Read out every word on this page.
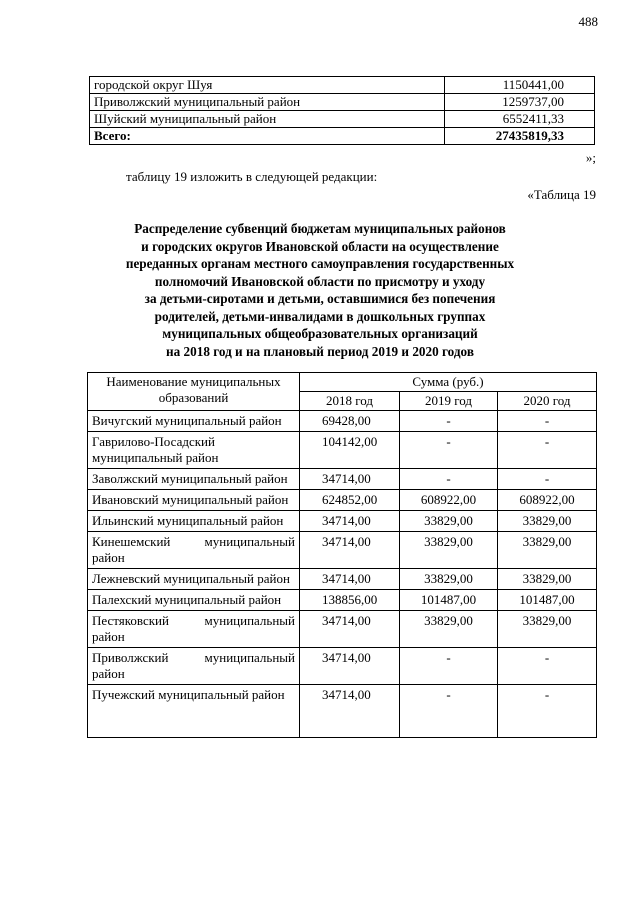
488
городской округ Шуя	1150441,00
Приволжский муниципальный район	1259737,00
Шуйский муниципальный район	6552411,33
Всего:	27435819,33
»;
таблицу 19 изложить в следующей редакции:
«Таблица 19
Распределение субвенций бюджетам муниципальных районов
и городских округов Ивановской области на осуществление
переданных органам местного самоуправления государственных
полномочий Ивановской области по присмотру и уходу
за детьми-сиротами и детьми, оставшимися без попечения
родителей, детьми-инвалидами в дошкольных группах
муниципальных общеобразовательных организаций
на 2018 год и на плановый период 2019 и 2020 годов
Наименование муниципальных образований	Сумма (руб.)		
	2018 год	2019 год	2020 год
Вичугский муниципальный район	69428,00	-	-
Гаврилово-Посадский муниципальный район	104142,00	-	-
Заволжский муниципальный район	34714,00	-	-
Ивановский муниципальный район	624852,00	608922,00	608922,00
Ильинский муниципальный район	34714,00	33829,00	33829,00
Кинешемский муниципальный район	34714,00	33829,00	33829,00
Лежневский муниципальный район	34714,00	33829,00	33829,00
Палехский муниципальный район	138856,00	101487,00	101487,00
Пестяковский муниципальный район	34714,00	33829,00	33829,00
Приволжский муниципальный район	34714,00	-	-
Пучежский муниципальный район	34714,00	-	-
